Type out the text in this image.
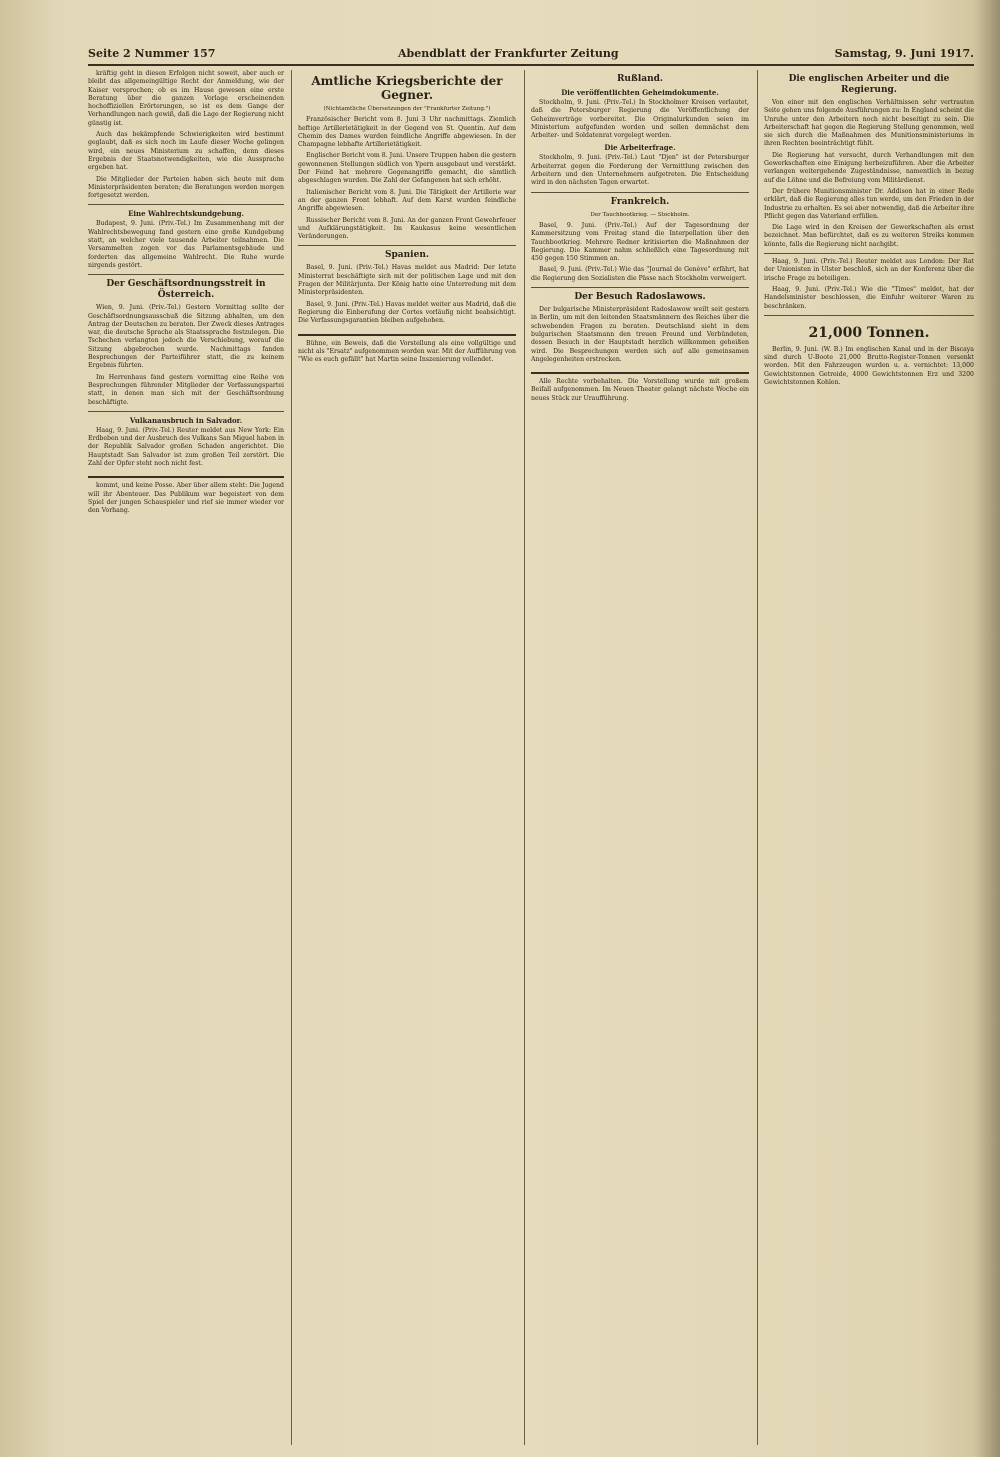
Seite 2 Nummer 157	Abendblatt der Frankfurter Zeitung	Samstag, 9. Juni 1917.

kräftig geht in diesen Erfolgen nicht soweit, aber auch er bleibt das allgemeingültige Recht der Anmeldung, wie der Kaiser versprochen; ob es im Hause gewesen eine erste Beratung über die ganzen Vorlage erscheinenden hochoffiziellen Erörterungen, so ist es dem Gange der Verhandlungen nach gewiß, daß die Lage der Regierung nicht günstig ist.

Auch das bekämpfende Schwierigkeiten wird bestimmt geglaubt, daß es sich noch im Laufe dieser Woche gelingen wird, ein neues Ministerium zu schaffen, denn dieses Ergebnis der Staatsnotwendigkeiten, wie die Aussprache ergeben hat.

Die Mitglieder der Parteien haben sich heute mit dem Ministerpräsidenten beraten; die Beratungen werden morgen fortgesetzt werden.

Eine Wahlrechtskundgebung.

Budapest, 9. Juni. (Priv.-Tel.) Im Zusammenhang mit der Wahlrechtsbewegung fand gestern eine große Kundgebung statt, an welcher viele tausende Arbeiter teilnahmen. Die Versammelten zogen vor das Parlamentsgebäude und forderten das allgemeine Wahlrecht. Die Ruhe wurde nirgends gestört.

Der Geschäftsordnungsstreit in Österreich.

Wien, 9. Juni. (Priv.-Tel.) Gestern Vormittag sollte der Geschäftsordnungsausschuß die Sitzung abhalten, um den Antrag der Deutschen zu beraten. Der Zweck dieses Antrages war, die deutsche Sprache als Staatssprache festzulegen. Die Tschechen verlangten jedoch die Verschiebung, worauf die Sitzung abgebrochen wurde. Nachmittags fanden Besprechungen der Parteiführer statt, die zu keinem Ergebnis führten.

Im Herrenhaus fand gestern vormittag eine Reihe von Besprechungen führender Mitglieder der Verfassungspartei statt, in denen man sich mit der Geschäftsordnung beschäftigte.

Vulkanausbruch in Salvador.

Haag, 9. Juni. (Priv.-Tel.) Reuter meldet aus New York: Ein Erdbeben und der Ausbruch des Vulkans San Miguel haben in der Republik Salvador großen Schaden angerichtet. Die Hauptstadt San Salvador ist zum großen Teil zerstört. Die Zahl der Opfer steht noch nicht fest.

kommt, und keine Posse. Aber über allem steht: Die Jugend will ihr Abenteuer. Das Publikum war begeistert von dem Spiel der jungen Schauspieler und rief sie immer wieder vor den Vorhang.

Amtliche Kriegsberichte der Gegner.
(Nichtamtliche Übersetzungen der "Frankfurter Zeitung.")

Französischer Bericht vom 8. Juni 3 Uhr nachmittags. Ziemlich heftige Artillerietätigkeit in der Gegend von St. Quentin. Auf dem Chemin des Dames wurden feindliche Angriffe abgewiesen. In der Champagne lebhafte Artillerietätigkeit.

Englischer Bericht vom 8. Juni. Unsere Truppen haben die gestern gewonnenen Stellungen südlich von Ypern ausgebaut und verstärkt. Der Feind hat mehrere Gegenangriffe gemacht, die sämtlich abgeschlagen wurden. Die Zahl der Gefangenen hat sich erhöht.

Italienischer Bericht vom 8. Juni. Die Tätigkeit der Artillerie war an der ganzen Front lebhaft. Auf dem Karst wurden feindliche Angriffe abgewiesen.

Russischer Bericht vom 8. Juni. An der ganzen Front Gewehrfeuer und Aufklärungstätigkeit. Im Kaukasus keine wesentlichen Veränderungen.

Spanien.

Basel, 9. Juni. (Priv.-Tel.) Havas meldet aus Madrid: Der letzte Ministerrat beschäftigte sich mit der politischen Lage und mit den Fragen der Militärjunta. Der König hatte eine Unterredung mit dem Ministerpräsidenten.

Basel, 9. Juni. (Priv.-Tel.) Havas meldet weiter aus Madrid, daß die Regierung die Einberufung der Cortes vorläufig nicht beabsichtigt. Die Verfassungsgarantien bleiben aufgehoben.

Bühne, ein Beweis, daß die Vorstellung als eine vollgültige und nicht als "Ersatz" aufgenommen worden war. Mit der Aufführung von "Wie es euch gefällt" hat Martin seine Inszenierung vollendet.

Rußland.
Die veröffentlichten Geheimdokumente.

Stockholm, 9. Juni. (Priv.-Tel.) In Stockholmer Kreisen verlautet, daß die Petersburger Regierung die Veröffentlichung der Geheimverträge vorbereitet. Die Originalurkunden seien im Ministerium aufgefunden worden und sollen demnächst dem Arbeiter- und Soldatenrat vorgelegt werden.

Die Arbeiterfrage.

Stockholm, 9. Juni. (Priv.-Tel.) Laut "Djen" ist der Petersburger Arbeiterrat gegen die Forderung der Vermittlung zwischen den Arbeitern und den Unternehmern aufgetreten. Die Entscheidung wird in den nächsten Tagen erwartet.

Frankreich.
Der Tauchbootkrieg. — Stockholm.

Basel, 9. Juni. (Priv.-Tel.) Auf der Tagesordnung der Kammersitzung vom Freitag stand die Interpellation über den Tauchbootkrieg. Mehrere Redner kritisierten die Maßnahmen der Regierung. Die Kammer nahm schließlich eine Tagesordnung mit 450 gegen 150 Stimmen an.

Basel, 9. Juni. (Priv.-Tel.) Wie das "Journal de Genève" erfährt, hat die Regierung den Sozialisten die Pässe nach Stockholm verweigert.

Der Besuch Radoslawows.

Der bulgarische Ministerpräsident Radoslawow weilt seit gestern in Berlin, um mit den leitenden Staatsmännern des Reiches über die schwebenden Fragen zu beraten. Deutschland sieht in dem bulgarischen Staatsmann den treuen Freund und Verbündeten, dessen Besuch in der Hauptstadt herzlich willkommen geheißen wird. Die Besprechungen werden sich auf alle gemeinsamen Angelegenheiten erstrecken.

Alle Rechte vorbehalten. Die Vorstellung wurde mit großem Beifall aufgenommen. Im Neuen Theater gelangt nächste Woche ein neues Stück zur Uraufführung.

Die englischen Arbeiter und die Regierung.

Von einer mit den englischen Verhältnissen sehr vertrauten Seite gehen uns folgende Ausführungen zu: In England scheint die Unruhe unter den Arbeitern noch nicht beseitigt zu sein. Die Arbeiterschaft hat gegen die Regierung Stellung genommen, weil sie sich durch die Maßnahmen des Munitionsministeriums in ihren Rechten beeinträchtigt fühlt.

Die Regierung hat versucht, durch Verhandlungen mit den Gewerkschaften eine Einigung herbeizuführen. Aber die Arbeiter verlangen weitergehende Zugeständnisse, namentlich in bezug auf die Löhne und die Befreiung vom Militärdienst.

Der frühere Munitionsminister Dr. Addison hat in einer Rede erklärt, daß die Regierung alles tun werde, um den Frieden in der Industrie zu erhalten. Es sei aber notwendig, daß die Arbeiter ihre Pflicht gegen das Vaterland erfüllen.

Die Lage wird in den Kreisen der Gewerkschaften als ernst bezeichnet. Man befürchtet, daß es zu weiteren Streiks kommen könnte, falls die Regierung nicht nachgibt.

Haag, 9. Juni. (Priv.-Tel.) Reuter meldet aus London: Der Rat der Unionisten in Ulster beschloß, sich an der Konferenz über die irische Frage zu beteiligen.

Haag, 9. Juni. (Priv.-Tel.) Wie die "Times" meldet, hat der Handelsminister beschlossen, die Einfuhr weiterer Waren zu beschränken.

21,000 Tonnen.

Berlin, 9. Juni. (W. B.) Im englischen Kanal und in der Biscaya sind durch U-Boote 21,000 Brutto-Register-Tonnen versenkt worden. Mit den Fahrzeugen wurden u. a. vernichtet: 13,000 Gewichtstonnen Getreide, 4000 Gewichtstonnen Erz und 3200 Gewichtstonnen Kohlen.
